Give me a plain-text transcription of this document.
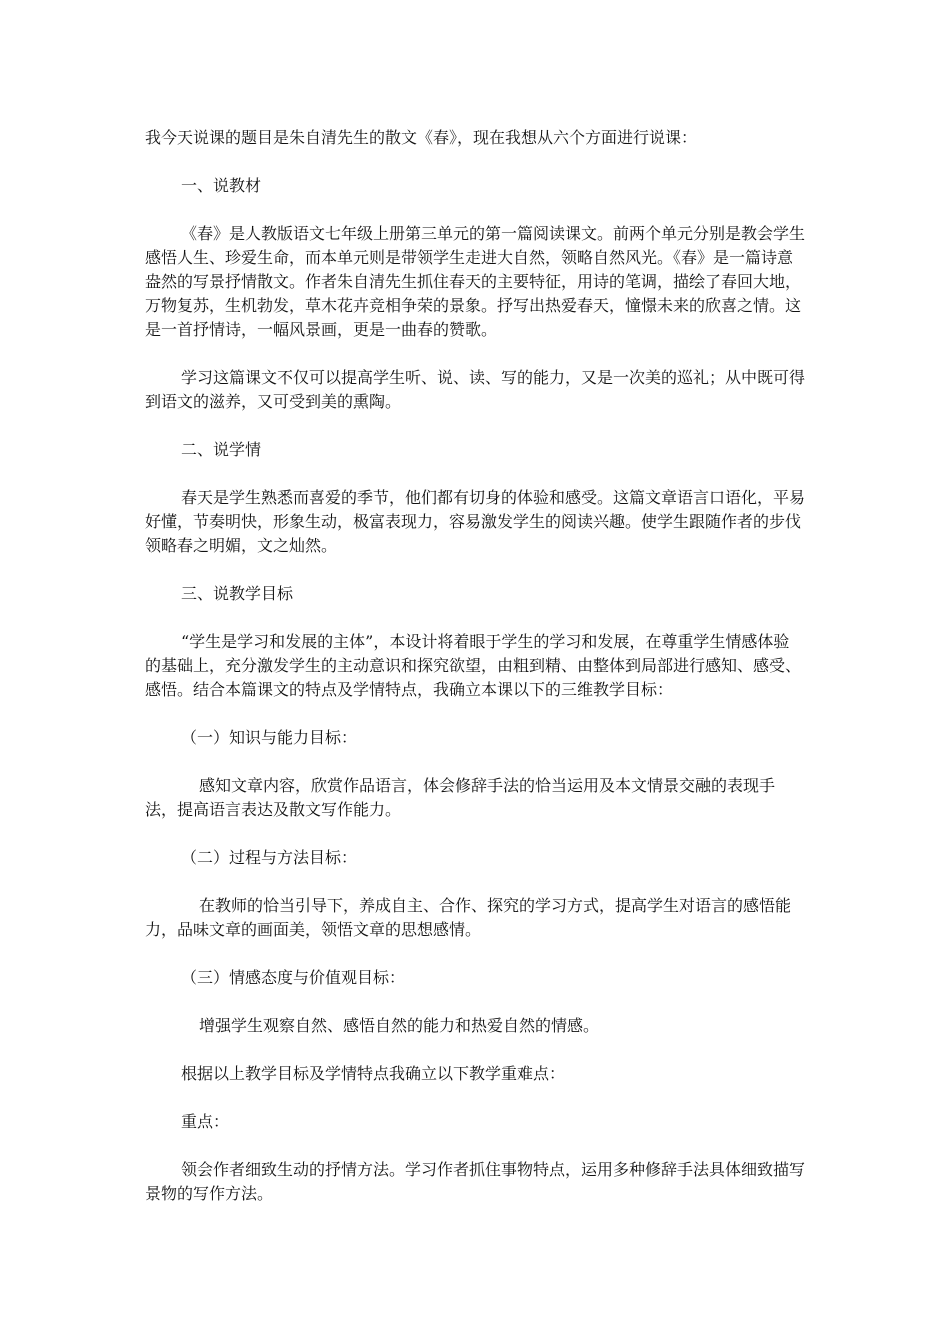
我今天说课的题目是朱自清先生的散文《春》，现在我想从六个方面进行说课：
一、说教材
《春》是人教版语文七年级上册第三单元的第一篇阅读课文。前两个单元分别是教会学生感悟人生、珍爱生命，而本单元则是带领学生走进大自然，领略自然风光。《春》是一篇诗意盎然的写景抒情散文。作者朱自清先生抓住春天的主要特征，用诗的笔调，描绘了春回大地，万物复苏，生机勃发，草木花卉竞相争荣的景象。抒写出热爱春天，憧憬未来的欣喜之情。这是一首抒情诗，一幅风景画，更是一曲春的赞歌。
学习这篇课文不仅可以提高学生听、说、读、写的能力，又是一次美的巡礼；从中既可得到语文的滋养，又可受到美的熏陶。
二、说学情
春天是学生熟悉而喜爱的季节，他们都有切身的体验和感受。这篇文章语言口语化，平易好懂，节奏明快，形象生动，极富表现力，容易激发学生的阅读兴趣。使学生跟随作者的步伐领略春之明媚，文之灿然。
三、说教学目标
“学生是学习和发展的主体”，本设计将着眼于学生的学习和发展，在尊重学生情感体验的基础上，充分激发学生的主动意识和探究欲望，由粗到精、由整体到局部进行感知、感受、感悟。结合本篇课文的特点及学情特点，我确立本课以下的三维教学目标：
（一）知识与能力目标：
感知文章内容，欣赏作品语言，体会修辞手法的恰当运用及本文情景交融的表现手法，提高语言表达及散文写作能力。
（二）过程与方法目标：
在教师的恰当引导下，养成自主、合作、探究的学习方式，提高学生对语言的感悟能力，品味文章的画面美，领悟文章的思想感情。
（三）情感态度与价值观目标：
增强学生观察自然、感悟自然的能力和热爱自然的情感。
根据以上教学目标及学情特点我确立以下教学重难点：
重点：
领会作者细致生动的抒情方法。学习作者抓住事物特点，运用多种修辞手法具体细致描写景物的写作方法。
